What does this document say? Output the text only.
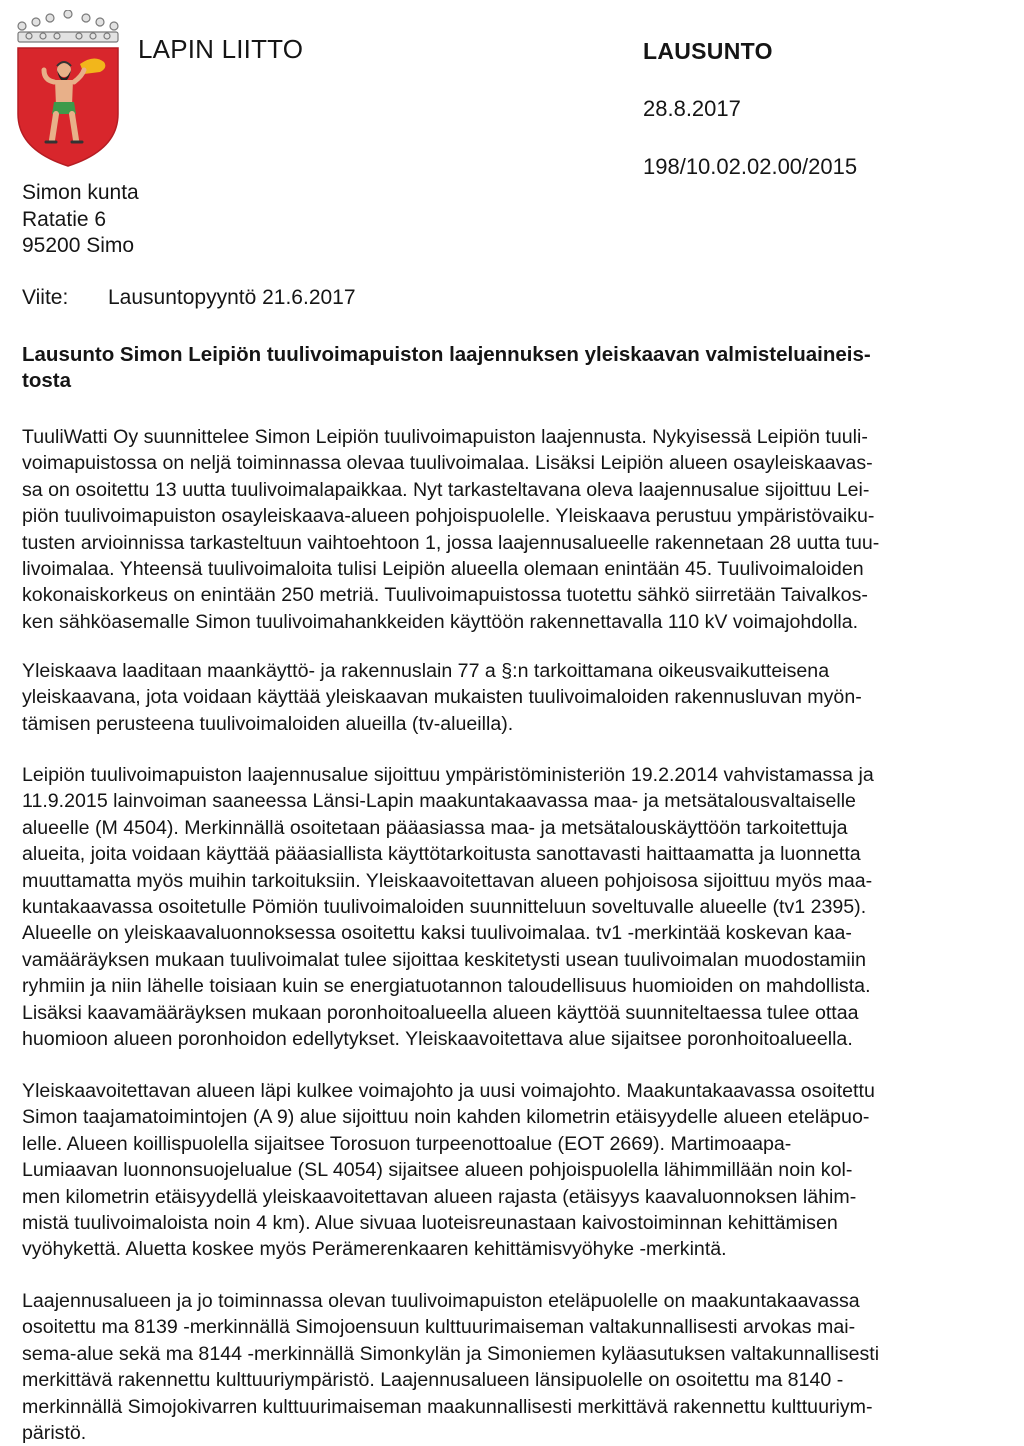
LAPIN LIITTO	LAUSUNTO
28.8.2017
198/10.02.02.00/2015
Simon kunta
Ratatie 6
95200 Simo
Viite: Lausuntopyyntö 21.6.2017
Lausunto Simon Leipiön tuulivoimapuiston laajennuksen yleiskaavan valmisteluaineis-
tosta
TuuliWatti Oy suunnittelee Simon Leipiön tuulivoimapuiston laajennusta. Nykyisessä Leipiön tuuli-
voimapuistossa on neljä toiminnassa olevaa tuulivoimalaa. Lisäksi Leipiön alueen osayleiskaavas-
sa on osoitettu 13 uutta tuulivoimalapaikkaa. Nyt tarkasteltavana oleva laajennusalue sijoittuu Lei-
piön tuulivoimapuiston osayleiskaava-alueen pohjoispuolelle. Yleiskaava perustuu ympäristövaiku-
tusten arvioinnissa tarkasteltuun vaihtoehtoon 1, jossa laajennusalueelle rakennetaan 28 uutta tuu-
livoimalaa. Yhteensä tuulivoimaloita tulisi Leipiön alueella olemaan enintään 45. Tuulivoimaloiden
kokonaiskorkeus on enintään 250 metriä. Tuulivoimapuistossa tuotettu sähkö siirretään Taivalkos-
ken sähköasemalle Simon tuulivoimahankkeiden käyttöön rakennettavalla 110 kV voimajohdolla.
Yleiskaava laaditaan maankäyttö- ja rakennuslain 77 a §:n tarkoittamana oikeusvaikutteisena
yleiskaavana, jota voidaan käyttää yleiskaavan mukaisten tuulivoimaloiden rakennusluvan myön-
tämisen perusteena tuulivoimaloiden alueilla (tv-alueilla).
Leipiön tuulivoimapuiston laajennusalue sijoittuu ympäristöministeriön 19.2.2014 vahvistamassa ja
11.9.2015 lainvoiman saaneessa Länsi-Lapin maakuntakaavassa maa- ja metsätalousvaltaiselle
alueelle (M 4504). Merkinnällä osoitetaan pääasiassa maa- ja metsätalouskäyttöön tarkoitettuja
alueita, joita voidaan käyttää pääasiallista käyttötarkoitusta sanottavasti haittaamatta ja luonnetta
muuttamatta myös muihin tarkoituksiin. Yleiskaavoitettavan alueen pohjoisosa sijoittuu myös maa-
kuntakaavassa osoitetulle Pömiön tuulivoimaloiden suunnitteluun soveltuvalle alueelle (tv1 2395).
Alueelle on yleiskaavaluonnoksessa osoitettu kaksi tuulivoimalaa. tv1 -merkintää koskevan kaa-
vamääräyksen mukaan tuulivoimalat tulee sijoittaa keskitetysti usean tuulivoimalan muodostamiin
ryhmiin ja niin lähelle toisiaan kuin se energiatuotannon taloudellisuus huomioiden on mahdollista.
Lisäksi kaavamääräyksen mukaan poronhoitoalueella alueen käyttöä suunniteltaessa tulee ottaa
huomioon alueen poronhoidon edellytykset. Yleiskaavoitettava alue sijaitsee poronhoitoalueella.
Yleiskaavoitettavan alueen läpi kulkee voimajohto ja uusi voimajohto. Maakuntakaavassa osoitettu
Simon taajamatoimintojen (A 9) alue sijoittuu noin kahden kilometrin etäisyydelle alueen eteläpuo-
lelle. Alueen koillispuolella sijaitsee Torosuon turpeenottoalue (EOT 2669). Martimoaapa-
Lumiaavan luonnonsuojelualue (SL 4054) sijaitsee alueen pohjoispuolella lähimmillään noin kol-
men kilometrin etäisyydellä yleiskaavoitettavan alueen rajasta (etäisyys kaavaluonnoksen lähim-
mistä tuulivoimaloista noin 4 km). Alue sivuaa luoteisreunastaan kaivostoiminnan kehittämisen
vyöhykettä. Aluetta koskee myös Perämerenkaaren kehittämisvyöhyke -merkintä.
Laajennusalueen ja jo toiminnassa olevan tuulivoimapuiston eteläpuolelle on maakuntakaavassa
osoitettu ma 8139 -merkinnällä Simojoensuun kulttuurimaiseman valtakunnallisesti arvokas mai-
sema-alue sekä ma 8144 -merkinnällä Simonkylän ja Simoniemen kyläasutuksen valtakunnallisesti
merkittävä rakennettu kulttuuriympäristö. Laajennusalueen länsipuolelle on osoitettu ma 8140 -
merkinnällä Simojokivarren kulttuurimaiseman maakunnallisesti merkittävä rakennettu kulttuuriym-
päristö.
